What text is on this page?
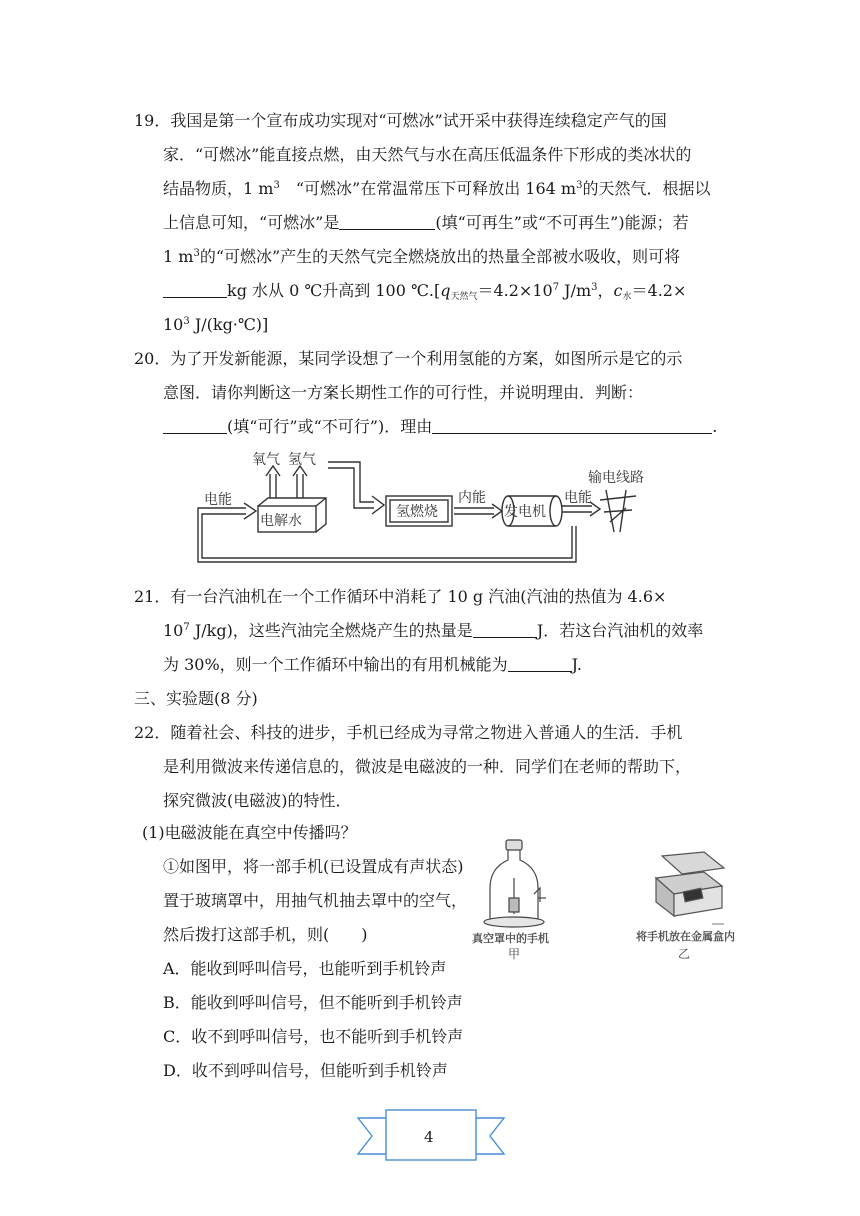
19．我国是第一个宣布成功实现对“可燃冰”试开采中获得连续稳定产气的国
家．“可燃冰”能直接点燃，由天然气与水在高压低温条件下形成的类冰状的
结晶物质，1 $m^3$　“可燃冰”在常温常压下可释放出 164 $m^3$的天然气．根据以
上信息可知，“可燃冰”是	(填“可再生”或“不可再生”)能源；若
1 $m^3$的“可燃冰”产生的天然气完全燃烧放出的热量全部被水吸收，则可将
kg 水从 0 ℃升高到 100 $℃.[q_{天然气}=4.2\times 10^7$ $J/m^3$，$c_水=4.2\times$
$10^3$ J/(kg·℃)]
20．为了开发新能源，某同学设想了一个利用氢能的方案，如图所示是它的示
意图．请你判断这一方案长期性工作的可行性，并说明理由．判断：
(填“可行”或“不可行”)．理由	.
氧气 氢气
电能
电解水
氢燃烧
内能
发电机
电能
输电线路
21．有一台汽油机在一个工作循环中消耗了 10 g 汽油(汽油的热值为 4.6×
$10^7$ J/kg)，这些汽油完全燃烧产生的热量是	J．若这台汽油机的效率
为 30%，则一个工作循环中输出的有用机械能为	J.
三、实验题(8 分)
22．随着社会、科技的进步，手机已经成为寻常之物进入普通人的生活．手机
是利用微波来传递信息的，微波是电磁波的一种．同学们在老师的帮助下，
探究微波(电磁波)的特性．
(1)电磁波能在真空中传播吗？
①如图甲，将一部手机(已设置成有声状态)
置于玻璃罩中，用抽气机抽去罩中的空气，
然后拨打这部手机，则(　　)
A．能收到呼叫信号，也能听到手机铃声
B．能收到呼叫信号，但不能听到手机铃声
C．收不到呼叫信号，也不能听到手机铃声
D．收不到呼叫信号，但能听到手机铃声
真空罩中的手机
甲
将手机放在金属盒内
乙
4
